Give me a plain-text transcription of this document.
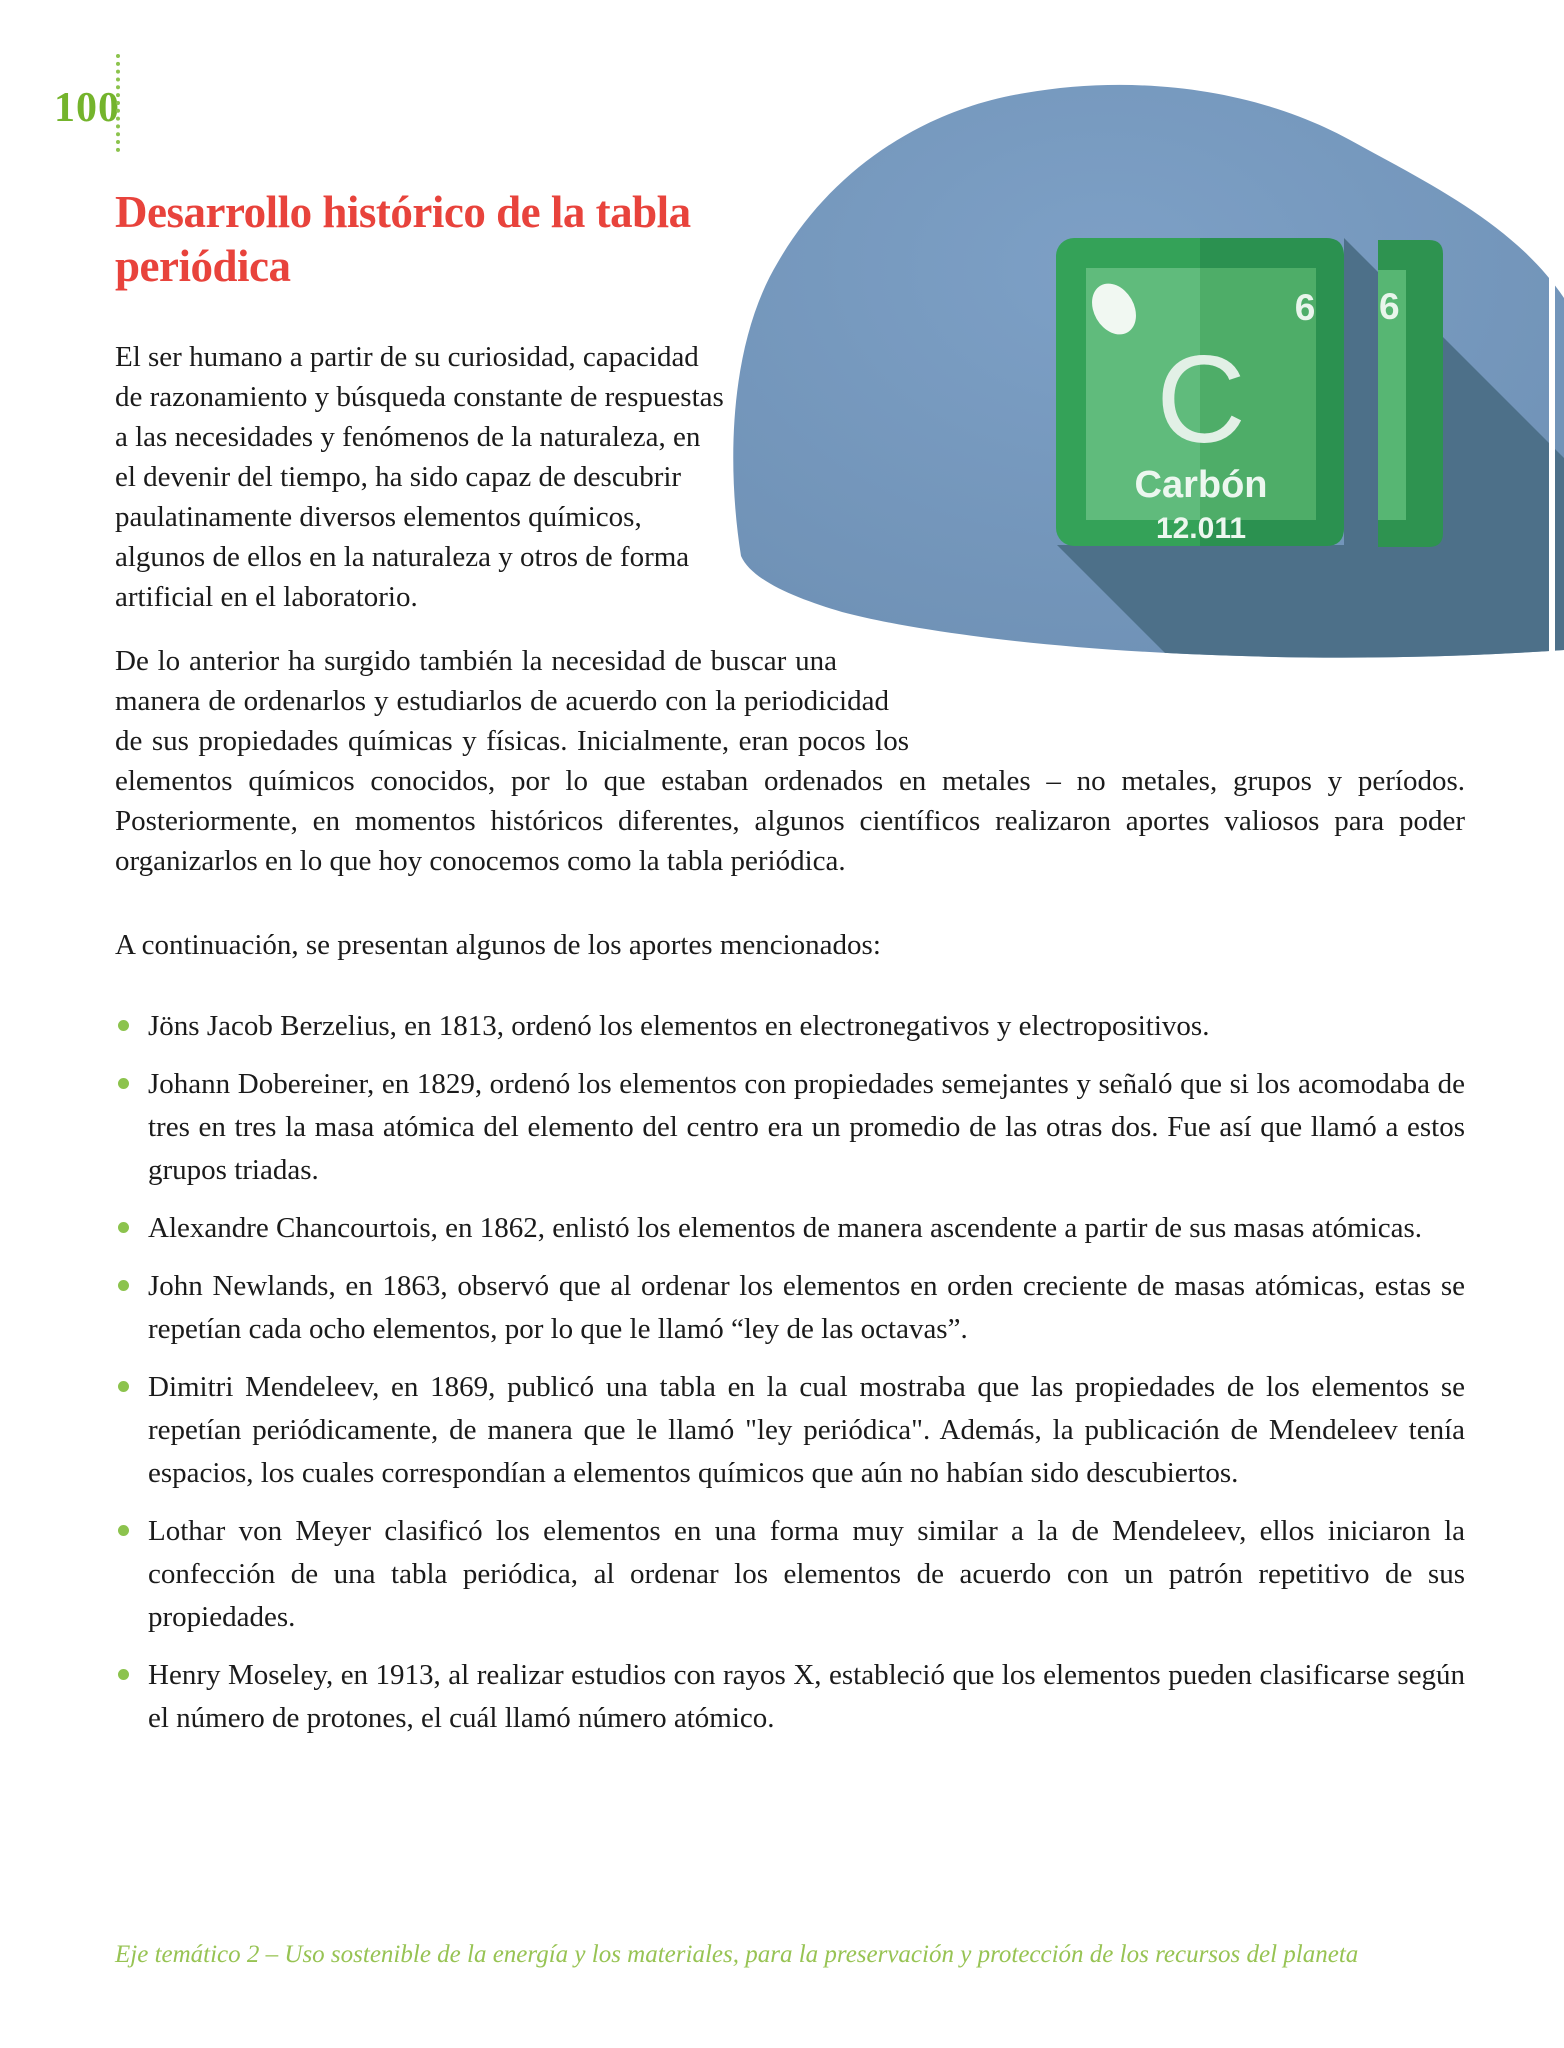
100
6
6
C
Carbón
12.011
Desarrollo histórico de la tabla
periódica

El ser humano a partir de su curiosidad, capacidad de razonamiento y búsqueda constante de respuestas a las necesidades y fenómenos de la naturaleza, en el devenir del tiempo, ha sido capaz de descubrir paulatinamente diversos elementos químicos, algunos de ellos en la naturaleza y otros de forma artificial en el laboratorio.

De lo anterior ha surgido también la necesidad de buscar una manera de ordenarlos y estudiarlos de acuerdo con la periodicidad de sus propiedades químicas y físicas. Inicialmente, eran pocos los elementos químicos conocidos, por lo que estaban ordenados en metales – no metales, grupos y períodos. Posteriormente, en momentos históricos diferentes, algunos científicos realizaron aportes valiosos para poder organizarlos en lo que hoy conocemos como la tabla periódica.

A continuación, se presentan algunos de los aportes mencionados:

Jöns Jacob Berzelius, en 1813, ordenó los elementos en electronegativos y electropositivos.
Johann Dobereiner, en 1829, ordenó los elementos con propiedades semejantes y señaló que si los acomodaba de tres en tres la masa atómica del elemento del centro era un promedio de las otras dos. Fue así que llamó a estos grupos triadas.
Alexandre Chancourtois, en 1862, enlistó los elementos de manera ascendente a partir de sus masas atómicas.
John Newlands, en 1863, observó que al ordenar los elementos en orden creciente de masas atómicas, estas se repetían cada ocho elementos, por lo que le llamó “ley de las octavas”.
Dimitri Mendeleev, en 1869, publicó una tabla en la cual mostraba que las propiedades de los elementos se repetían periódicamente, de manera que le llamó "ley periódica". Además, la publicación de Mendeleev tenía espacios, los cuales correspondían a elementos químicos que aún no habían sido descubiertos.
Lothar von Meyer clasificó los elementos en una forma muy similar a la de Mendeleev, ellos iniciaron la confección de una tabla periódica, al ordenar los elementos de acuerdo con un patrón repetitivo de sus propiedades.
Henry Moseley, en 1913, al realizar estudios con rayos X, estableció que los elementos pueden clasificarse según el número de protones, el cuál llamó número atómico.
Eje temático 2 – Uso sostenible de la energía y los materiales, para la preservación y protección de los recursos del planeta
